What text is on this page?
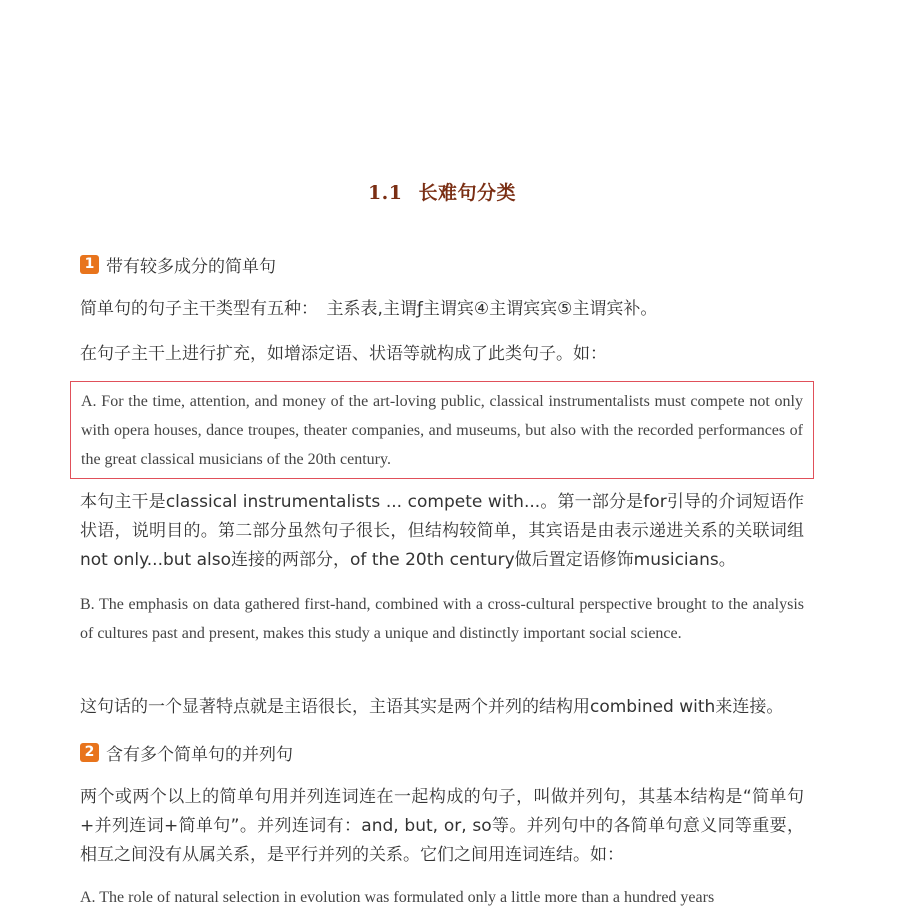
1.1 长难句分类
1 带有较多成分的简单句
简单句的句子主干类型有五种：　主系表,主谓ƒ主谓宾④主谓宾宾⑤主谓宾补。
在句子主干上进行扩充，如增添定语、状语等就构成了此类句子。如：
A. For the time, attention, and money of the art-loving public, classical instrumentalists must compete not only with opera houses, dance troupes, theater companies, and museums, but also with the recorded performances of the great classical musicians of the 20th century.
本句主干是classical instrumentalists ... compete with...。第一部分是for引导的介词短语作状语，说明目的。第二部分虽然句子很长，但结构较简单，其宾语是由表示递进关系的关联词组not only...but also连接的两部分，of the 20th century做后置定语修饰musicians。
B. The emphasis on data gathered first-hand, combined with a cross-cultural perspective brought to the analysis of cultures past and present, makes this study a unique and distinctly important social science.
这句话的一个显著特点就是主语很长，主语其实是两个并列的结构用combined with来连接。
2 含有多个简单句的并列句
两个或两个以上的简单句用并列连词连在一起构成的句子，叫做并列句，其基本结构是“简单句+并列连词+简单句”。并列连词有：and, but, or, so等。并列句中的各简单句意义同等重要，相互之间没有从属关系，是平行并列的关系。它们之间用连词连结。如：
A. The role of natural selection in evolution was formulated only a little more than a hundred years
